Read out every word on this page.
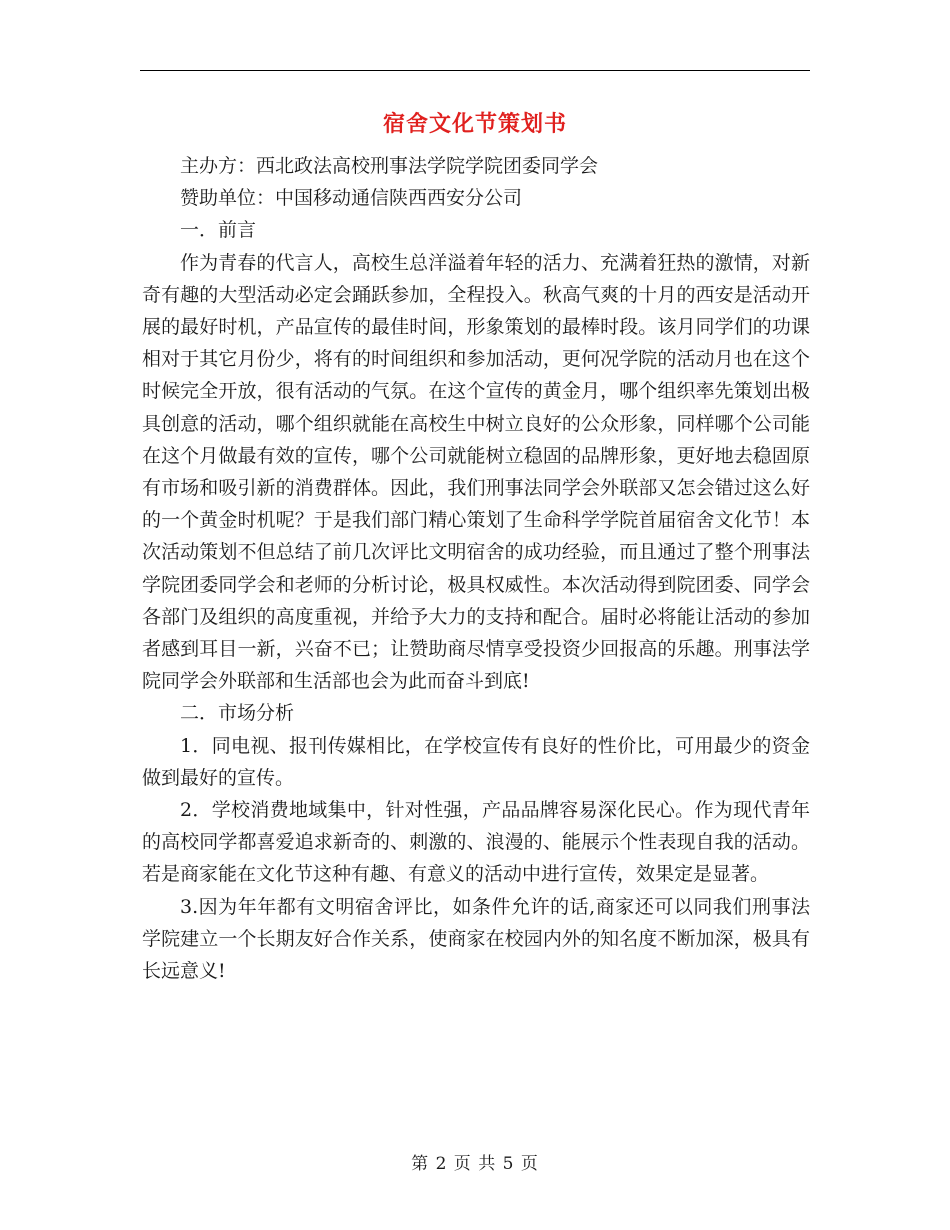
宿舍文化节策划书

主办方：西北政法高校刑事法学院学院团委同学会

赞助单位：中国移动通信陕西西安分公司

一．前言

作为青春的代言人，高校生总洋溢着年轻的活力、充满着狂热的激情，对新奇有趣的大型活动必定会踊跃参加，全程投入。秋高气爽的十月的西安是活动开展的最好时机，产品宣传的最佳时间，形象策划的最棒时段。该月同学们的功课相对于其它月份少，将有的时间组织和参加活动，更何况学院的活动月也在这个时候完全开放，很有活动的气氛。在这个宣传的黄金月，哪个组织率先策划出极具创意的活动，哪个组织就能在高校生中树立良好的公众形象，同样哪个公司能在这个月做最有效的宣传，哪个公司就能树立稳固的品牌形象，更好地去稳固原有市场和吸引新的消费群体。因此，我们刑事法同学会外联部又怎会错过这么好的一个黄金时机呢？于是我们部门精心策划了生命科学学院首届宿舍文化节！本次活动策划不但总结了前几次评比文明宿舍的成功经验，而且通过了整个刑事法学院团委同学会和老师的分析讨论，极具权威性。本次活动得到院团委、同学会各部门及组织的高度重视，并给予大力的支持和配合。届时必将能让活动的参加者感到耳目一新，兴奋不已；让赞助商尽情享受投资少回报高的乐趣。刑事法学院同学会外联部和生活部也会为此而奋斗到底!

二．市场分析

1．同电视、报刊传媒相比，在学校宣传有良好的性价比，可用最少的资金做到最好的宣传。

2．学校消费地域集中，针对性强，产品品牌容易深化民心。作为现代青年的高校同学都喜爱追求新奇的、刺激的、浪漫的、能展示个性表现自我的活动。若是商家能在文化节这种有趣、有意义的活动中进行宣传，效果定是显著。

3.因为年年都有文明宿舍评比，如条件允许的话,商家还可以同我们刑事法学院建立一个长期友好合作关系，使商家在校园内外的知名度不断加深，极具有长远意义!

第 2 页 共 5 页
